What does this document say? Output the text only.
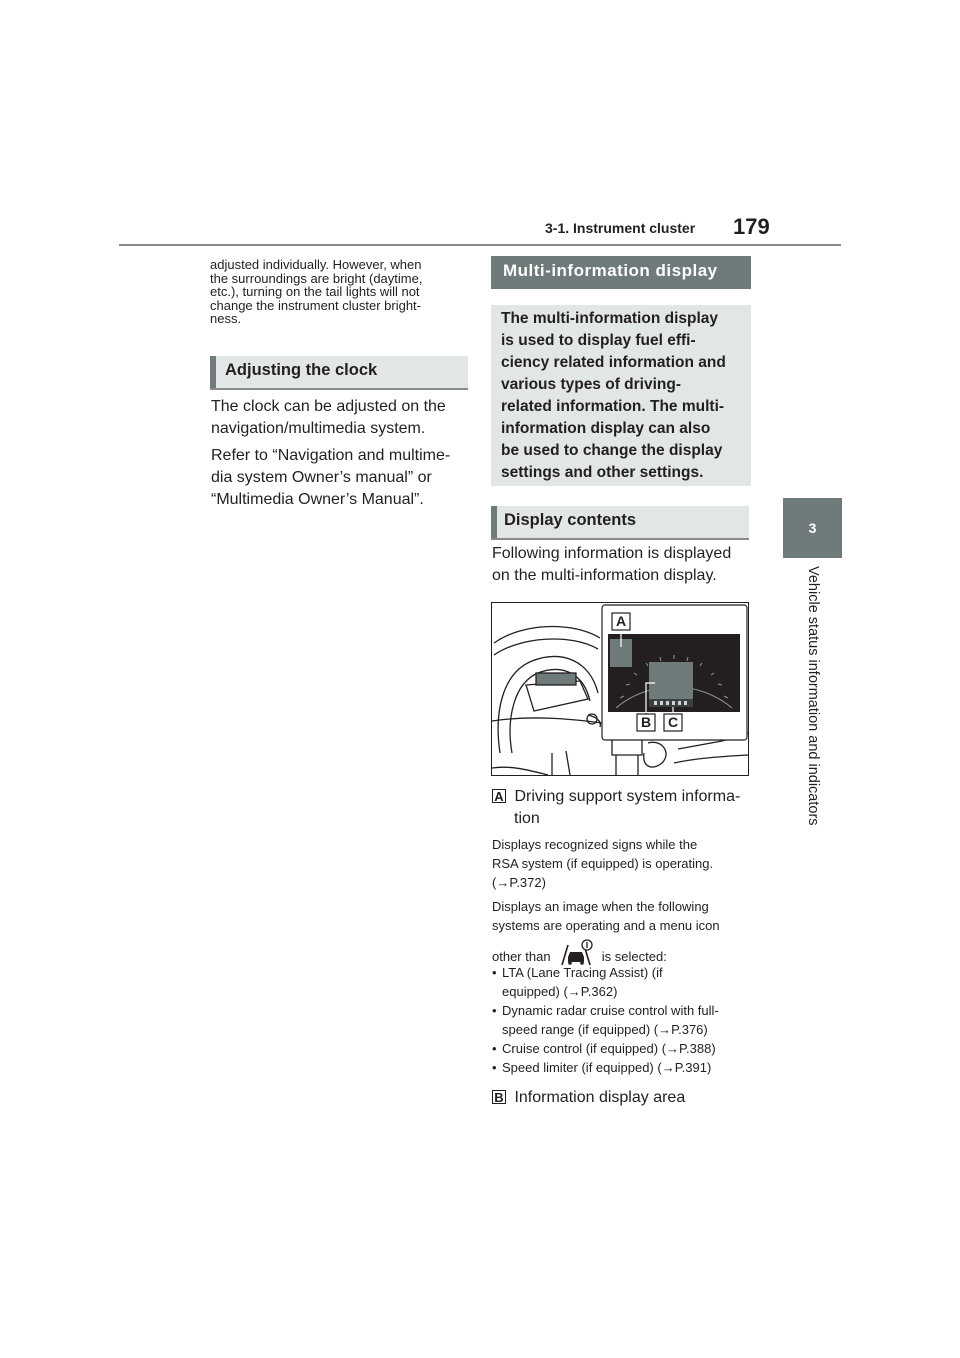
3-1. Instrument cluster 179
3
Vehicle status information and indicators
adjusted individually. However, when
the surroundings are bright (daytime,
etc.), turning on the tail lights will not
change the instrument cluster bright-
ness.
Adjusting the clock
The clock can be adjusted on the
navigation/multimedia system.
Refer to “Navigation and multime-
dia system Owner’s manual” or
“Multimedia Owner’s Manual”.
Multi-information display
The multi-information display
is used to display fuel effi-
ciency related information and
various types of driving-
related information. The multi-
information display can also
be used to change the display
settings and other settings.
Display contents
Following information is displayed
on the multi-information display.
A
B C
A Driving support system informa-
tion
Displays recognized signs while the
RSA system (if equipped) is operating.
(→P.372)
Displays an image when the following
systems are operating and a menu icon
other than	is selected:
• LTA (Lane Tracing Assist) (if
equipped) (→P.362)
• Dynamic radar cruise control with full-
speed range (if equipped) (→P.376)
• Cruise control (if equipped) (→P.388)
• Speed limiter (if equipped) (→P.391)
B Information display area
